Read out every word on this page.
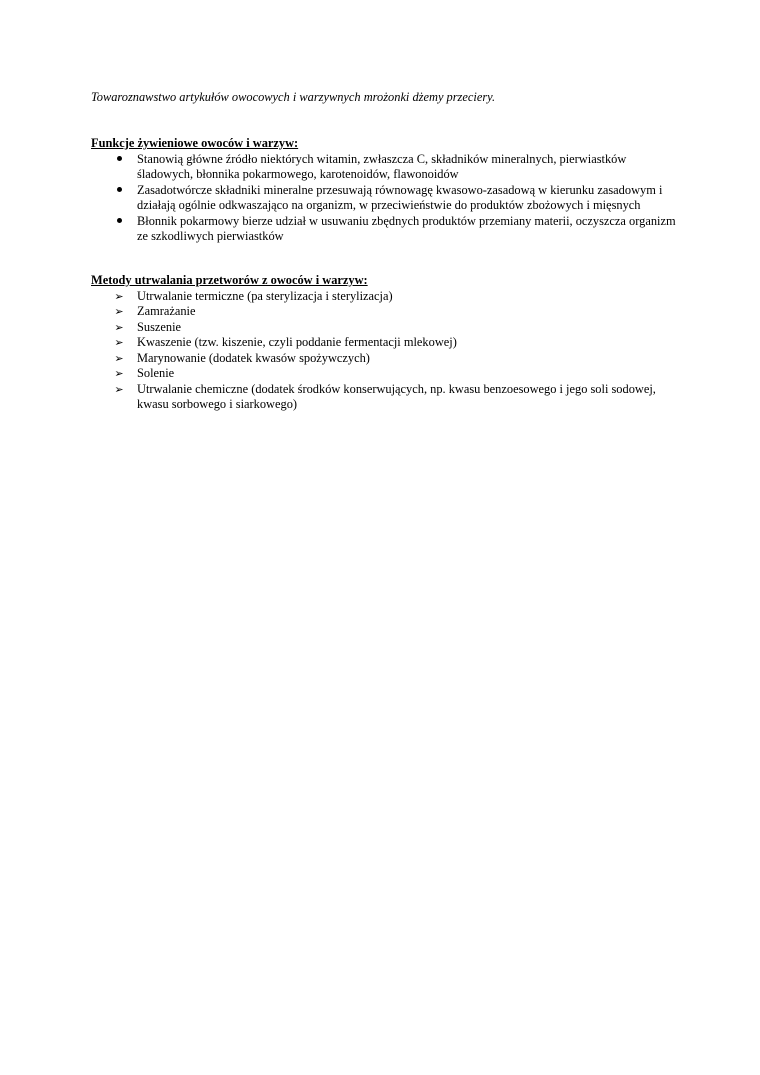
Towaroznawstwo artykułów owocowych i warzywnych mrożonki dżemy przeciery.

Funkcje żywieniowe owoców i warzyw:

Stanowią główne źródło niektórych witamin, zwłaszcza C, składników mineralnych, pierwiastków śladowych, błonnika pokarmowego, karotenoidów, flawonoidów
Zasadotwórcze składniki mineralne przesuwają równowagę kwasowo-zasadową w kierunku zasadowym i działają ogólnie odkwaszająco na organizm, w przeciwieństwie do produktów zbożowych i mięsnych
Błonnik pokarmowy bierze udział w usuwaniu zbędnych produktów przemiany materii, oczyszcza organizm ze szkodliwych pierwiastków

Metody utrwalania przetworów z owoców i warzyw:

➢ Utrwalanie termiczne (pa sterylizacja i sterylizacja)
➢ Zamrażanie
➢ Suszenie
➢ Kwaszenie (tzw. kiszenie, czyli poddanie fermentacji mlekowej)
➢ Marynowanie (dodatek kwasów spożywczych)
➢ Solenie
➢ Utrwalanie chemiczne (dodatek środków konserwujących, np. kwasu benzoesowego i jego soli sodowej, kwasu sorbowego i siarkowego)
